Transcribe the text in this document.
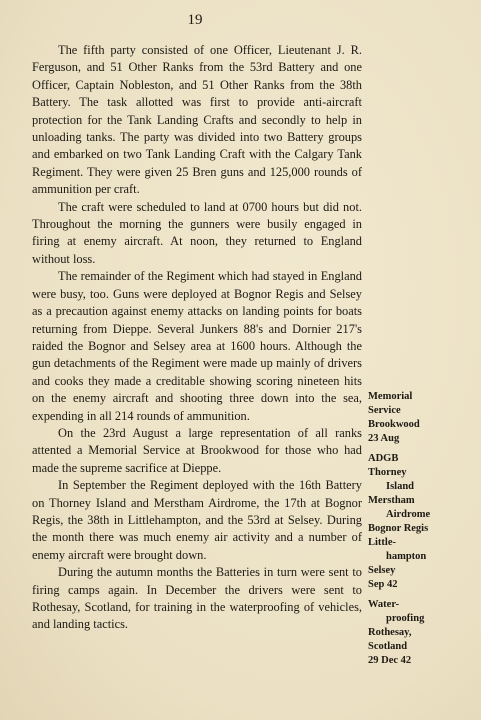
19

The fifth party consisted of one Officer, Lieutenant J. R. Ferguson, and 51 Other Ranks from the 53rd Battery and one Officer, Captain Nobleston, and 51 Other Ranks from the 38th Battery. The task allotted was first to provide anti-aircraft protection for the Tank Landing Crafts and secondly to help in unloading tanks. The party was divided into two Battery groups and embarked on two Tank Landing Craft with the Calgary Tank Regiment. They were given 25 Bren guns and 125,000 rounds of ammunition per craft.

The craft were scheduled to land at 0700 hours but did not. Throughout the morning the gunners were busily engaged in firing at enemy aircraft. At noon, they returned to England without loss.

The remainder of the Regiment which had stayed in England were busy, too. Guns were deployed at Bognor Regis and Selsey as a precaution against enemy attacks on landing points for boats returning from Dieppe. Several Junkers 88's and Dornier 217's raided the Bognor and Selsey area at 1600 hours. Although the gun detachments of the Regiment were made up mainly of drivers and cooks they made a creditable showing scoring nineteen hits on the enemy aircraft and shooting three down into the sea, expending in all 214 rounds of ammunition.

On the 23rd August a large representation of all ranks attented a Memorial Service at Brookwood for those who had made the supreme sacrifice at Dieppe.

In September the Regiment deployed with the 16th Battery on Thorney Island and Merstham Airdrome, the 17th at Bognor Regis, the 38th in Littlehampton, and the 53rd at Selsey. During the month there was much enemy air activity and a number of enemy aircraft were brought down.

During the autumn months the Batteries in turn were sent to firing camps again. In December the drivers were sent to Rothesay, Scotland, for training in the waterproofing of vehicles, and landing tactics.

Memorial
Service
Brookwood
23 Aug
ADGB
Thorney
Island
Merstham
Airdrome
Bognor Regis
Little-
hampton
Selsey
Sep 42
Water-
proofing
Rothesay,
Scotland
29 Dec 42
